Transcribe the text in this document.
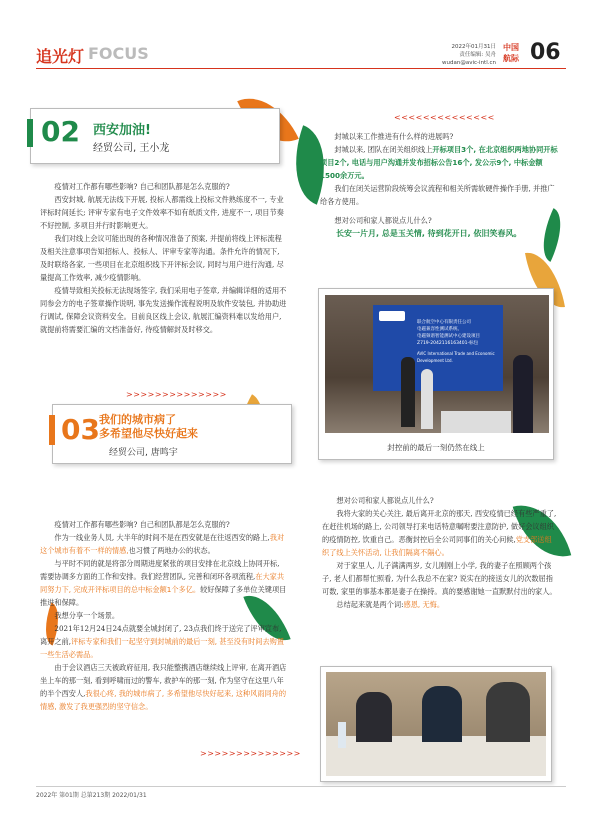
追光灯 FOCUS	2022年01月31日
责任编辑: 吴舟
wudan@avic-intl.cn
中国
航际 06
02 西安加油!
经贸公司, 王小龙
<<<<<<<<<<<<<<

疫情对工作都有哪些影响? 自己和团队都是怎么克服的?

西安封城, 航展无法线下开展, 投标人都需线上投标文件熟练度不一, 专业评标时间延长; 评审专家有电子文件效率不如有纸质文件, 进度不一, 项目节奏不好控制, 多项目并行时影响更大。

我们对线上会议可能出现的各种情况准备了预案, 并提前将线上评标流程及相关注意事项告知招标人、投标人、评审专家等沟通。条件允许的情况下, 及时联络各家, 一些项目在北京组织线下开评标会议, 同时与用户进行沟通, 尽量提高工作效率, 减少疫情影响。

疫情导致相关投标无法现场签字, 我们采用电子签章, 并编辑详细的适用不同参会方的电子签章操作说明, 事先发送操作流程说明及软件安装包, 并协助进行调试, 保障会议资料安全。目前良区线上会议, 航展汇编资料难以发给用户, 就提前将需要汇编的文档准备好, 待疫情解封及时移交。

封城以来工作推进有什么样的进展吗?

封城以来, 团队在闭关组织线上开标项目3个, 在北京组织两地协同开标项目2个, 电话与用户沟通并发布招标公告16个, 发公示9个, 中标金额1500余万元。

我们在闭关运营阶段统筹会议流程和相关所需软硬件操作手册, 并推广给各方使用。

想对公司和家人都说点儿什么?

长安一片月, 总是玉关情, 待到花开日, 依旧笑春风。

联合航空中心有限责任公司
电磁兼容性测试系统、
电磁频谱智能测试中心建设项目
Z719-2042116163401-标包
AVIC International Trade and Economic Development Ltd.
封控前的最后一刻仍然在线上
>>>>>>>>>>>>>>
03 我们的城市病了
多希望他尽快好起来
经贸公司, 唐鸣宇

疫情对工作都有哪些影响? 自己和团队都是怎么克服的?

作为一线业务人员, 大半年的时间不是在西安就是在往返西安的路上,我对这个城市有着不一样的情感,也习惯了两地办公的状态。

与平时不同的就是将部分周期进度紧张的项目安排在北京线上协同开标, 需要协调多方面的工作和安排。我们经营团队, 完善和闭环各项流程,在大家共同努力下, 完成开评标项目的总中标金额1个多亿。较好保障了多单位关键项目推进和保障。

我想分享一个场景。

2021年12月24日24点就要全城封闭了, 23点我们终于送完了评审宣布, 离开之前,评标专家和我们一起坚守到封城前的最后一刻, 甚至没有时间去购置一些生活必需品。

由于会议酒店三天被政府征用, 我只能整携酒店继续线上评审, 在离开酒店坐上车的那一刻, 看到呼啸而过的警车, 救护车的那一刻, 作为坚守在这里八年的半个西安人,我很心疼, 我的城市病了, 多希望他尽快好起来, 这种风雨同舟的情感, 激发了我更强烈的坚守信念。

>>>>>>>>>>>>>>

想对公司和家人都说点儿什么?

我将大家的关心关注, 最后离开北京的那天, 西安疫情已经有些严重了, 在赶往机场的路上, 公司领导打来电话特意嘱咐要注意防护, 做好会议组织的疫情防控, 饮重自己。恶衡封控后全公司同事们的关心问候,党支部送组织了线上关怀活动, 让我们隔离不隔心。

对于家里人, 儿子满满两岁, 女儿刚刚上小学, 我的妻子在照顾两个孩子, 老人们都帮忙照看, 为什么我总不在家? 说实在的接送女儿的次数屈指可数, 家里的事基本都是妻子在操持。真的要感谢她一直默默付出的家人。

总结起来就是两个词:感恩, 无悔。

2022年 第01期 总第213期 2022/01/31
